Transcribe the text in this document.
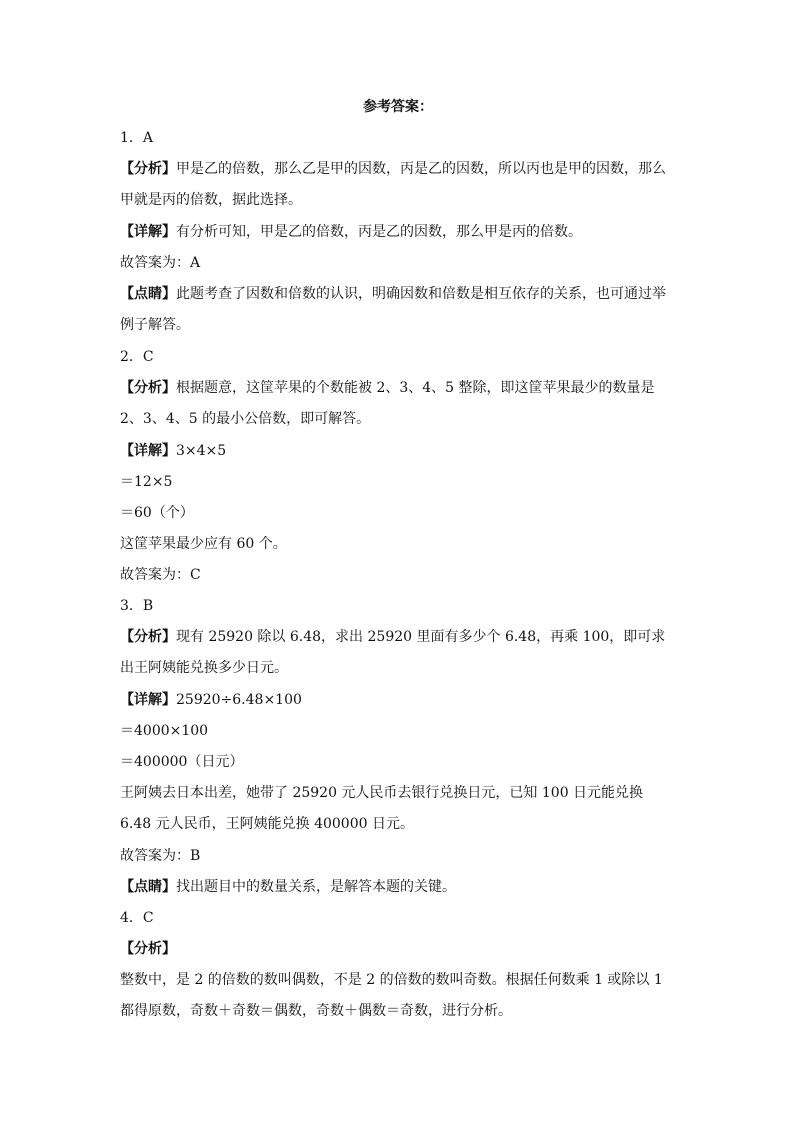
参考答案：
1．A
【分析】甲是乙的倍数，那么乙是甲的因数，丙是乙的因数，所以丙也是甲的因数，那么甲就是丙的倍数，据此选择。
【详解】有分析可知，甲是乙的倍数，丙是乙的因数，那么甲是丙的倍数。
故答案为：A
【点睛】此题考查了因数和倍数的认识，明确因数和倍数是相互依存的关系，也可通过举例子解答。
2．C
【分析】根据题意，这筐苹果的个数能被 2、3、4、5 整除，即这筐苹果最少的数量是 2、3、4、5 的最小公倍数，即可解答。
【详解】3×4×5
＝12×5
＝60（个）
这筐苹果最少应有 60 个。
故答案为：C
3．B
【分析】现有 25920 除以 6.48，求出 25920 里面有多少个 6.48，再乘 100，即可求出王阿姨能兑换多少日元。
【详解】25920÷6.48×100
＝4000×100
＝400000（日元）
王阿姨去日本出差，她带了 25920 元人民币去银行兑换日元，已知 100 日元能兑换 6.48 元人民币，王阿姨能兑换 400000 日元。
故答案为：B
【点睛】找出题目中的数量关系，是解答本题的关键。
4．C
【分析】
整数中，是 2 的倍数的数叫偶数，不是 2 的倍数的数叫奇数。根据任何数乘 1 或除以 1 都得原数，奇数＋奇数＝偶数，奇数＋偶数＝奇数，进行分析。
